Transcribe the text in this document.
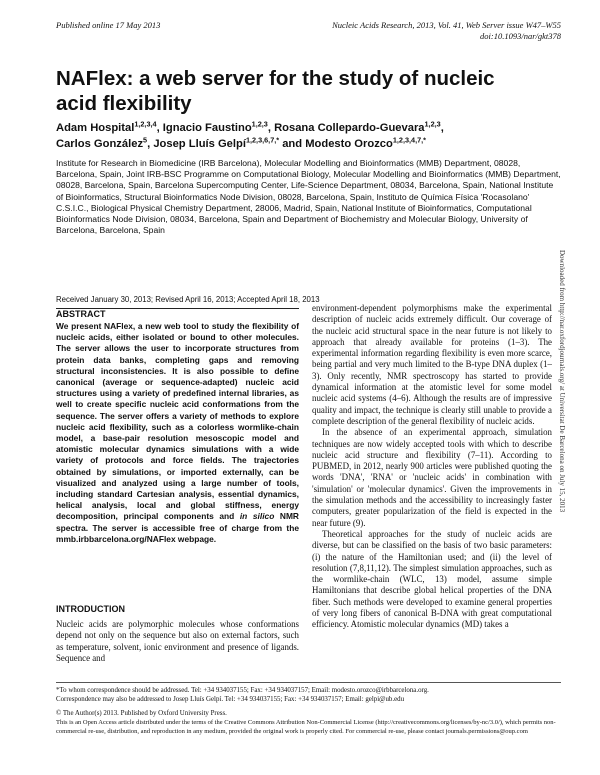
Published online 17 May 2013	Nucleic Acids Research, 2013, Vol. 41, Web Server issue W47–W55
doi:10.1093/nar/gkt378
NAFlex: a web server for the study of nucleic acid flexibility
Adam Hospital$^{1,2,3,4}$, Ignacio Faustino$^{1,2,3}$, Rosana Collepardo-Guevara$^{1,2,3}$,
Carlos González$^5$, Josep Lluís Gelpí$^{1,2,3,6,7,*}$ and Modesto Orozco$^{1,2,3,4,7,*}$
Institute for Research in Biomedicine (IRB Barcelona), Molecular Modelling and Bioinformatics (MMB) Department, 08028, Barcelona, Spain, Joint IRB-BSC Programme on Computational Biology, Molecular Modelling and Bioinformatics (MMB) Department, 08028, Barcelona, Spain, Barcelona Supercomputing Center, Life-Science Department, 08034, Barcelona, Spain, National Institute of Bioinformatics, Structural Bioinformatics Node Division, 08028, Barcelona, Spain, Instituto de Química Física 'Rocasolano' C.S.I.C., Biological Physical Chemistry Department, 28006, Madrid, Spain, National Institute of Bioinformatics, Computational Bioinformatics Node Division, 08034, Barcelona, Spain and Department of Biochemistry and Molecular Biology, University of Barcelona, Barcelona, Spain
Received January 30, 2013; Revised April 16, 2013; Accepted April 18, 2013
ABSTRACT
We present NAFlex, a new web tool to study the flexibility of nucleic acids, either isolated or bound to other molecules. The server allows the user to incorporate structures from protein data banks, completing gaps and removing structural inconsistencies. It is also possible to define canonical (average or sequence-adapted) nucleic acid structures using a variety of predefined internal libraries, as well to create specific nucleic acid conformations from the sequence. The server offers a variety of methods to explore nucleic acid flexibility, such as a colorless wormlike-chain model, a base-pair resolution mesoscopic model and atomistic molecular dynamics simulations with a wide variety of protocols and force fields. The trajectories obtained by simulations, or imported externally, can be visualized and analyzed using a large number of tools, including standard Cartesian analysis, essential dynamics, helical analysis, local and global stiffness, energy decomposition, principal components and in silico NMR spectra. The server is accessible free of charge from the mmb.irbbarcelona.org/NAFlex webpage.
INTRODUCTION
Nucleic acids are polymorphic molecules whose conformations depend not only on the sequence but also on external factors, such as temperature, solvent, ionic environment and presence of ligands. Sequence and

environment-dependent polymorphisms make the experimental description of nucleic acids extremely difficult. Our coverage of the nucleic acid structural space in the near future is not likely to approach that already available for proteins (1–3). The experimental information regarding flexibility is even more scarce, being partial and very much limited to the B-type DNA duplex (1–3). Only recently, NMR spectroscopy has started to provide dynamical information at the atomistic level for some model nucleic acid systems (4–6). Although the results are of impressive quality and impact, the technique is clearly still unable to provide a complete description of the general flexibility of nucleic acids.

In the absence of an experimental approach, simulation techniques are now widely accepted tools with which to describe nucleic acid structure and flexibility (7–11). According to PUBMED, in 2012, nearly 900 articles were published quoting the words 'DNA', 'RNA' or 'nucleic acids' in combination with 'simulation' or 'molecular dynamics'. Given the improvements in the simulation methods and the accessibility to increasingly faster computers, greater popularization of the field is expected in the near future (9).

Theoretical approaches for the study of nucleic acids are diverse, but can be classified on the basis of two basic parameters: (i) the nature of the Hamiltonian used; and (ii) the level of resolution (7,8,11,12). The simplest simulation approaches, such as the wormlike-chain (WLC, 13) model, assume simple Hamiltonians that describe global helical properties of the DNA fiber. Such methods were developed to examine general properties of very long fibers of canonical B-DNA with great computational efficiency. Atomistic molecular dynamics (MD) takes a

*To whom correspondence should be addressed. Tel: +34 934037155; Fax: +34 934037157; Email: modesto.orozco@irbbarcelona.org.
Correspondence may also be addressed to Josep Lluís Gelpí. Tel: +34 934037155; Fax: +34 934037157; Email: gelpi@ub.edu
© The Author(s) 2013. Published by Oxford University Press.
This is an Open Access article distributed under the terms of the Creative Commons Attribution Non-Commercial License (http://creativecommons.org/licenses/by-nc/3.0/), which permits non-commercial re-use, distribution, and reproduction in any medium, provided the original work is properly cited. For commercial re-use, please contact journals.permissions@oup.com
Downloaded from http://nar.oxfordjournals.org/ at Universitat De Barcelona on July 15, 2013
